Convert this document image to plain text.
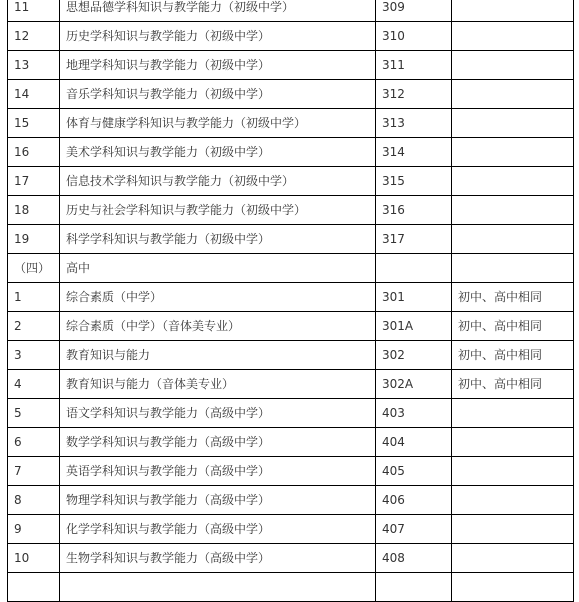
11	思想品德学科知识与教学能力（初级中学）	309	
12	历史学科知识与教学能力（初级中学）	310	
13	地理学科知识与教学能力（初级中学）	311	
14	音乐学科知识与教学能力（初级中学）	312	
15	体育与健康学科知识与教学能力（初级中学）	313	
16	美术学科知识与教学能力（初级中学）	314	
17	信息技术学科知识与教学能力（初级中学）	315	
18	历史与社会学科知识与教学能力（初级中学）	316	
19	科学学科知识与教学能力（初级中学）	317	
（四）	高中		
1	综合素质（中学）	301	初中、高中相同
2	综合素质（中学）（音体美专业）	301A	初中、高中相同
3	教育知识与能力	302	初中、高中相同
4	教育知识与能力（音体美专业）	302A	初中、高中相同
5	语文学科知识与教学能力（高级中学）	403	
6	数学学科知识与教学能力（高级中学）	404	
7	英语学科知识与教学能力（高级中学）	405	
8	物理学科知识与教学能力（高级中学）	406	
9	化学学科知识与教学能力（高级中学）	407	
10	生物学科知识与教学能力（高级中学）	408	
